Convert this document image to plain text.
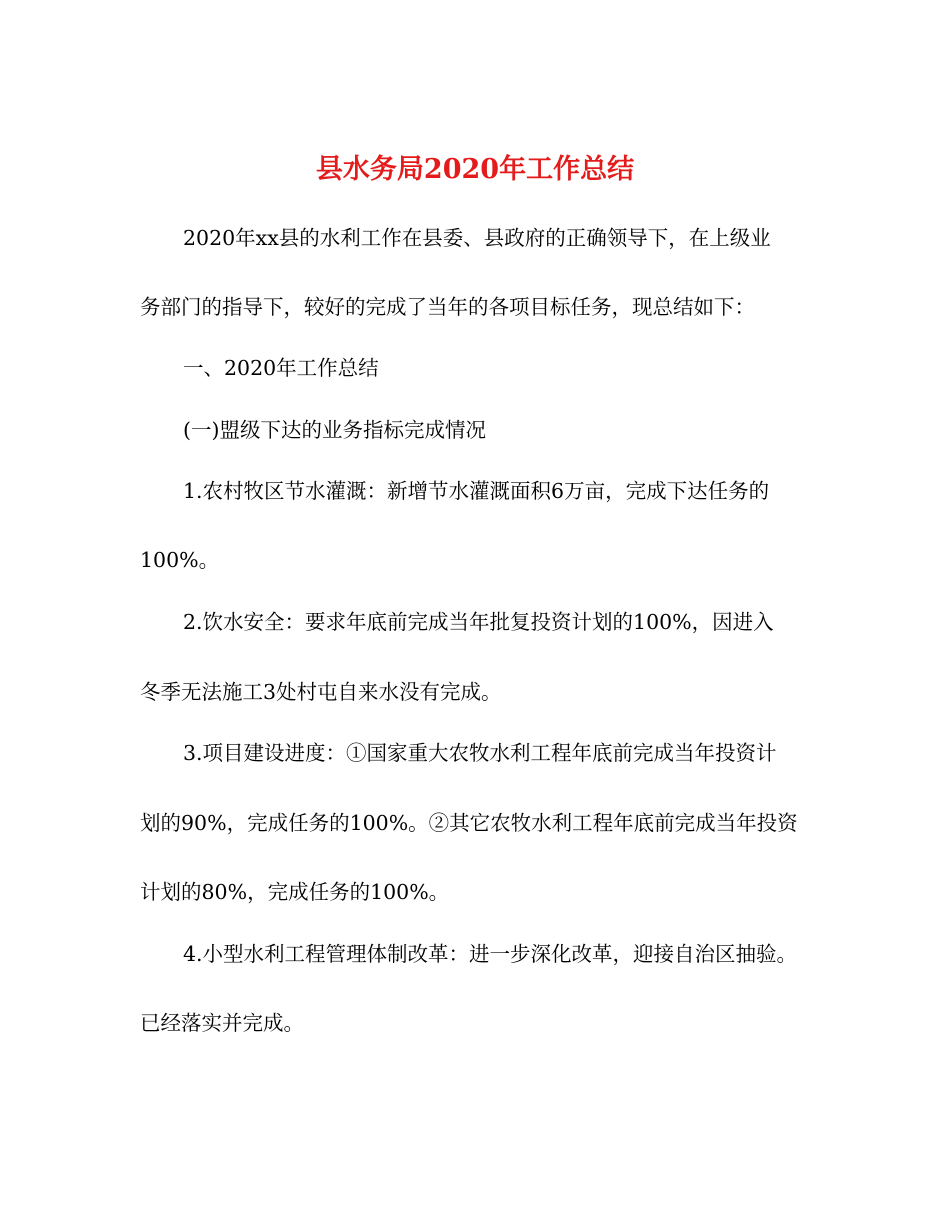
县水务局2020年工作总结

2020年xx县的水利工作在县委、县政府的正确领导下，在上级业

务部门的指导下，较好的完成了当年的各项目标任务，现总结如下：

一、2020年工作总结

(一)盟级下达的业务指标完成情况

1.农村牧区节水灌溉：新增节水灌溉面积6万亩，完成下达任务的

100%。

2.饮水安全：要求年底前完成当年批复投资计划的100%，因进入

冬季无法施工3处村屯自来水没有完成。

3.项目建设进度：①国家重大农牧水利工程年底前完成当年投资计

划的90%，完成任务的100%。②其它农牧水利工程年底前完成当年投资

计划的80%，完成任务的100%。

4.小型水利工程管理体制改革：进一步深化改革，迎接自治区抽验。

已经落实并完成。
